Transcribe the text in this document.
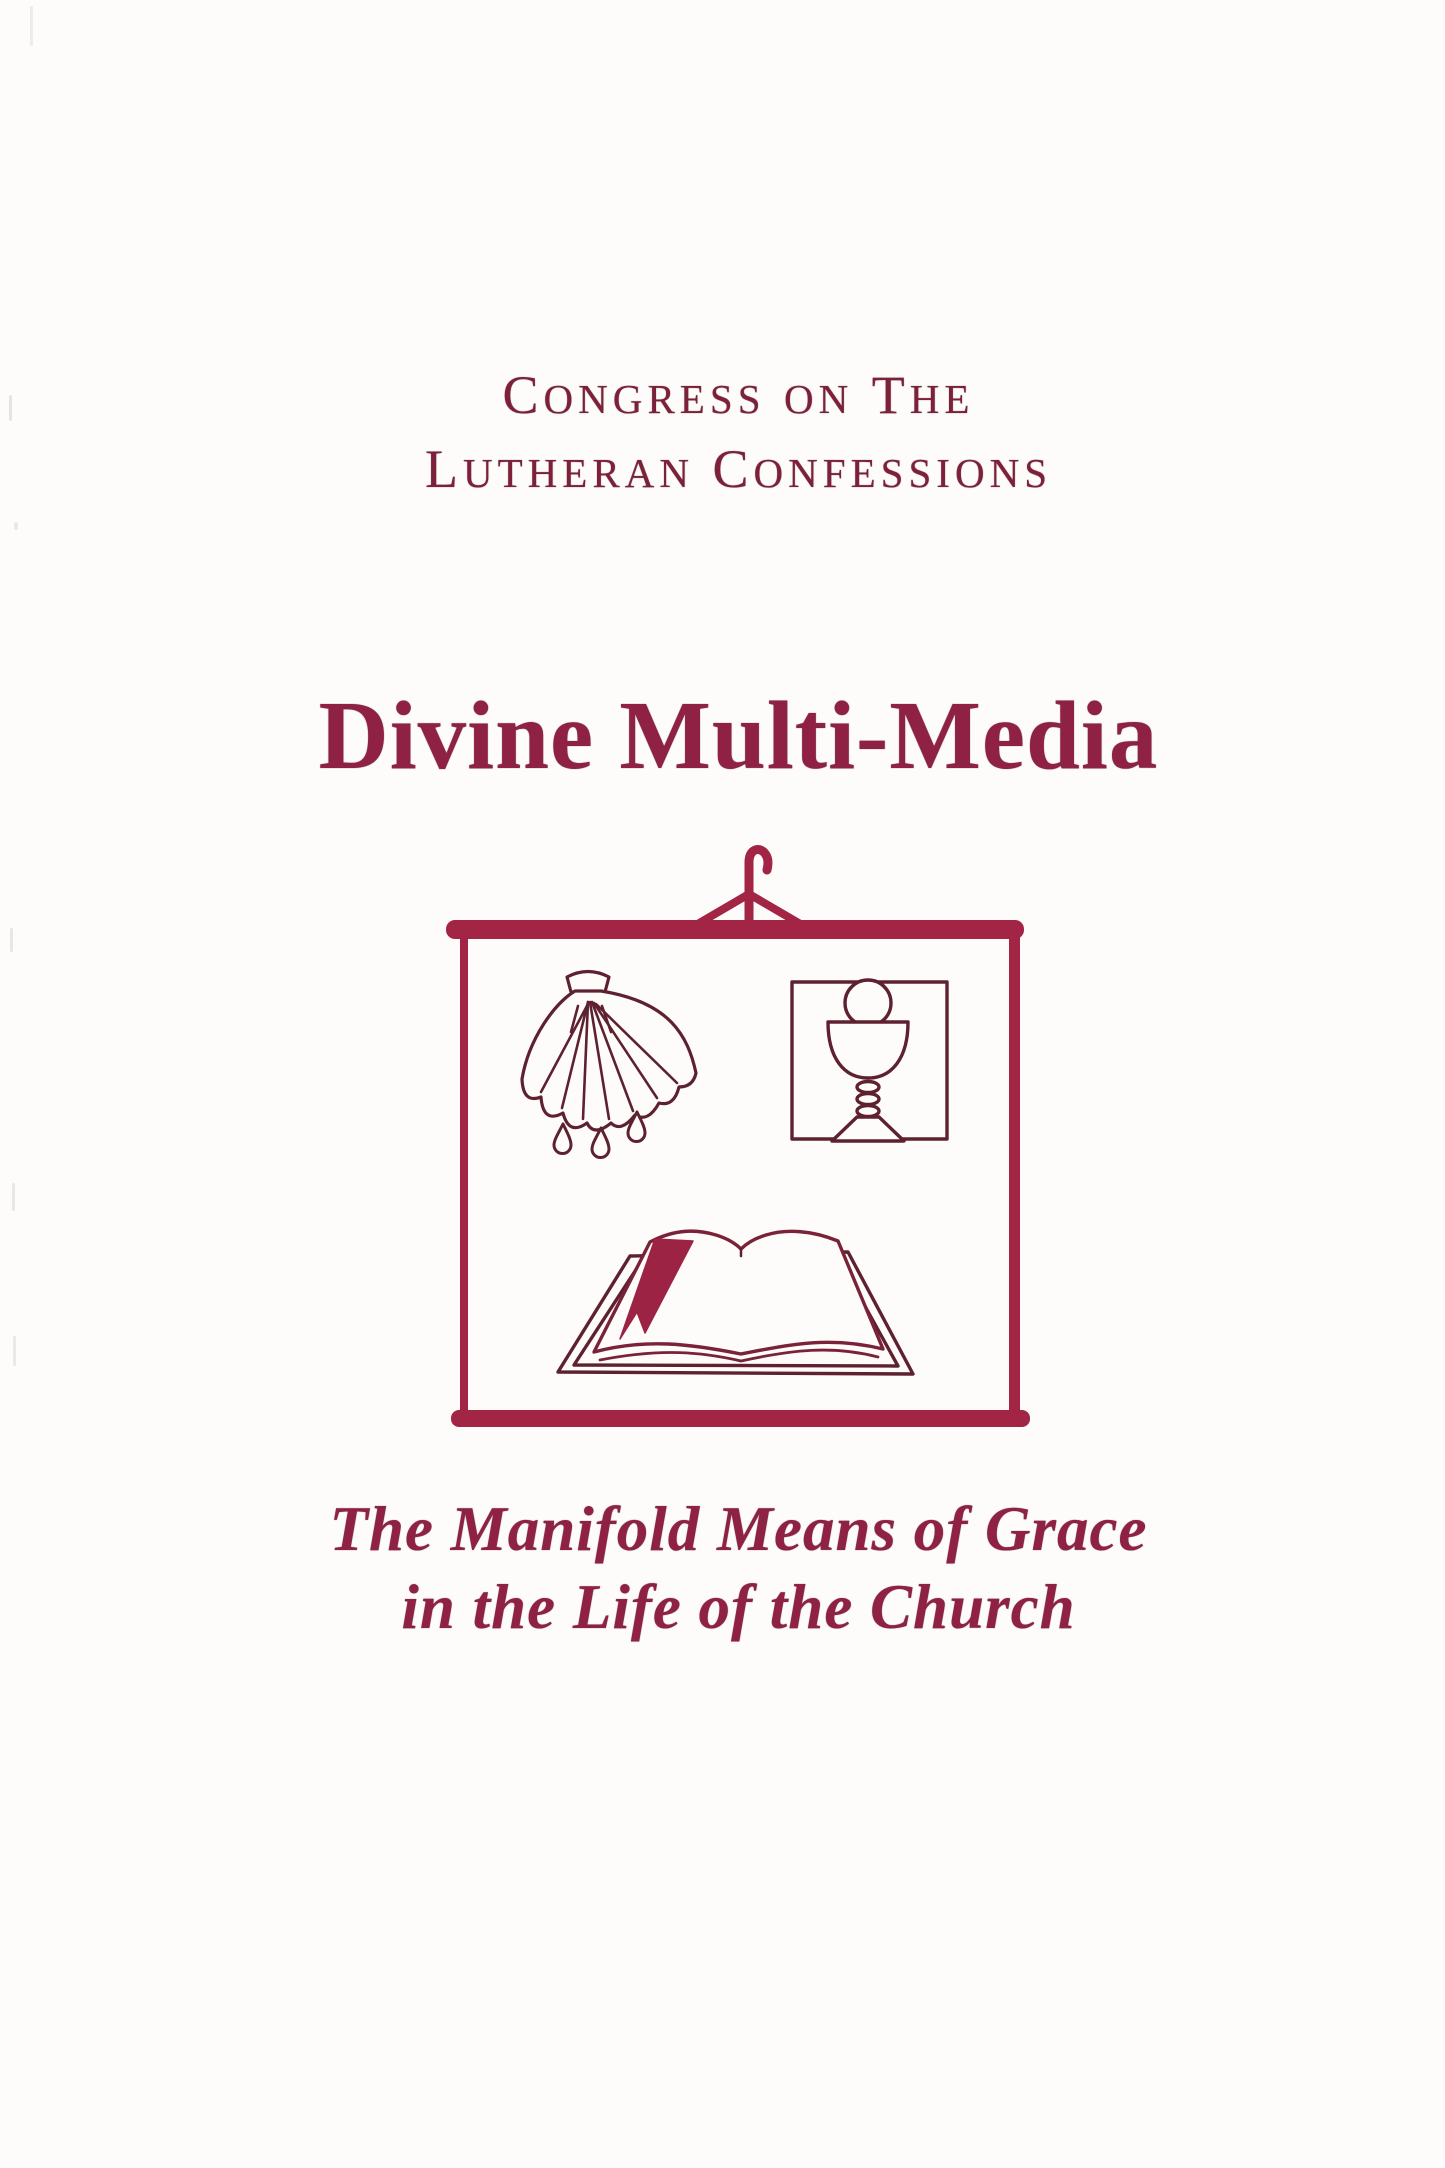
CONGRESS ON THE
LUTHERAN CONFESSIONS
Divine Multi-Media
The Manifold Means of Grace
in the Life of the Church
